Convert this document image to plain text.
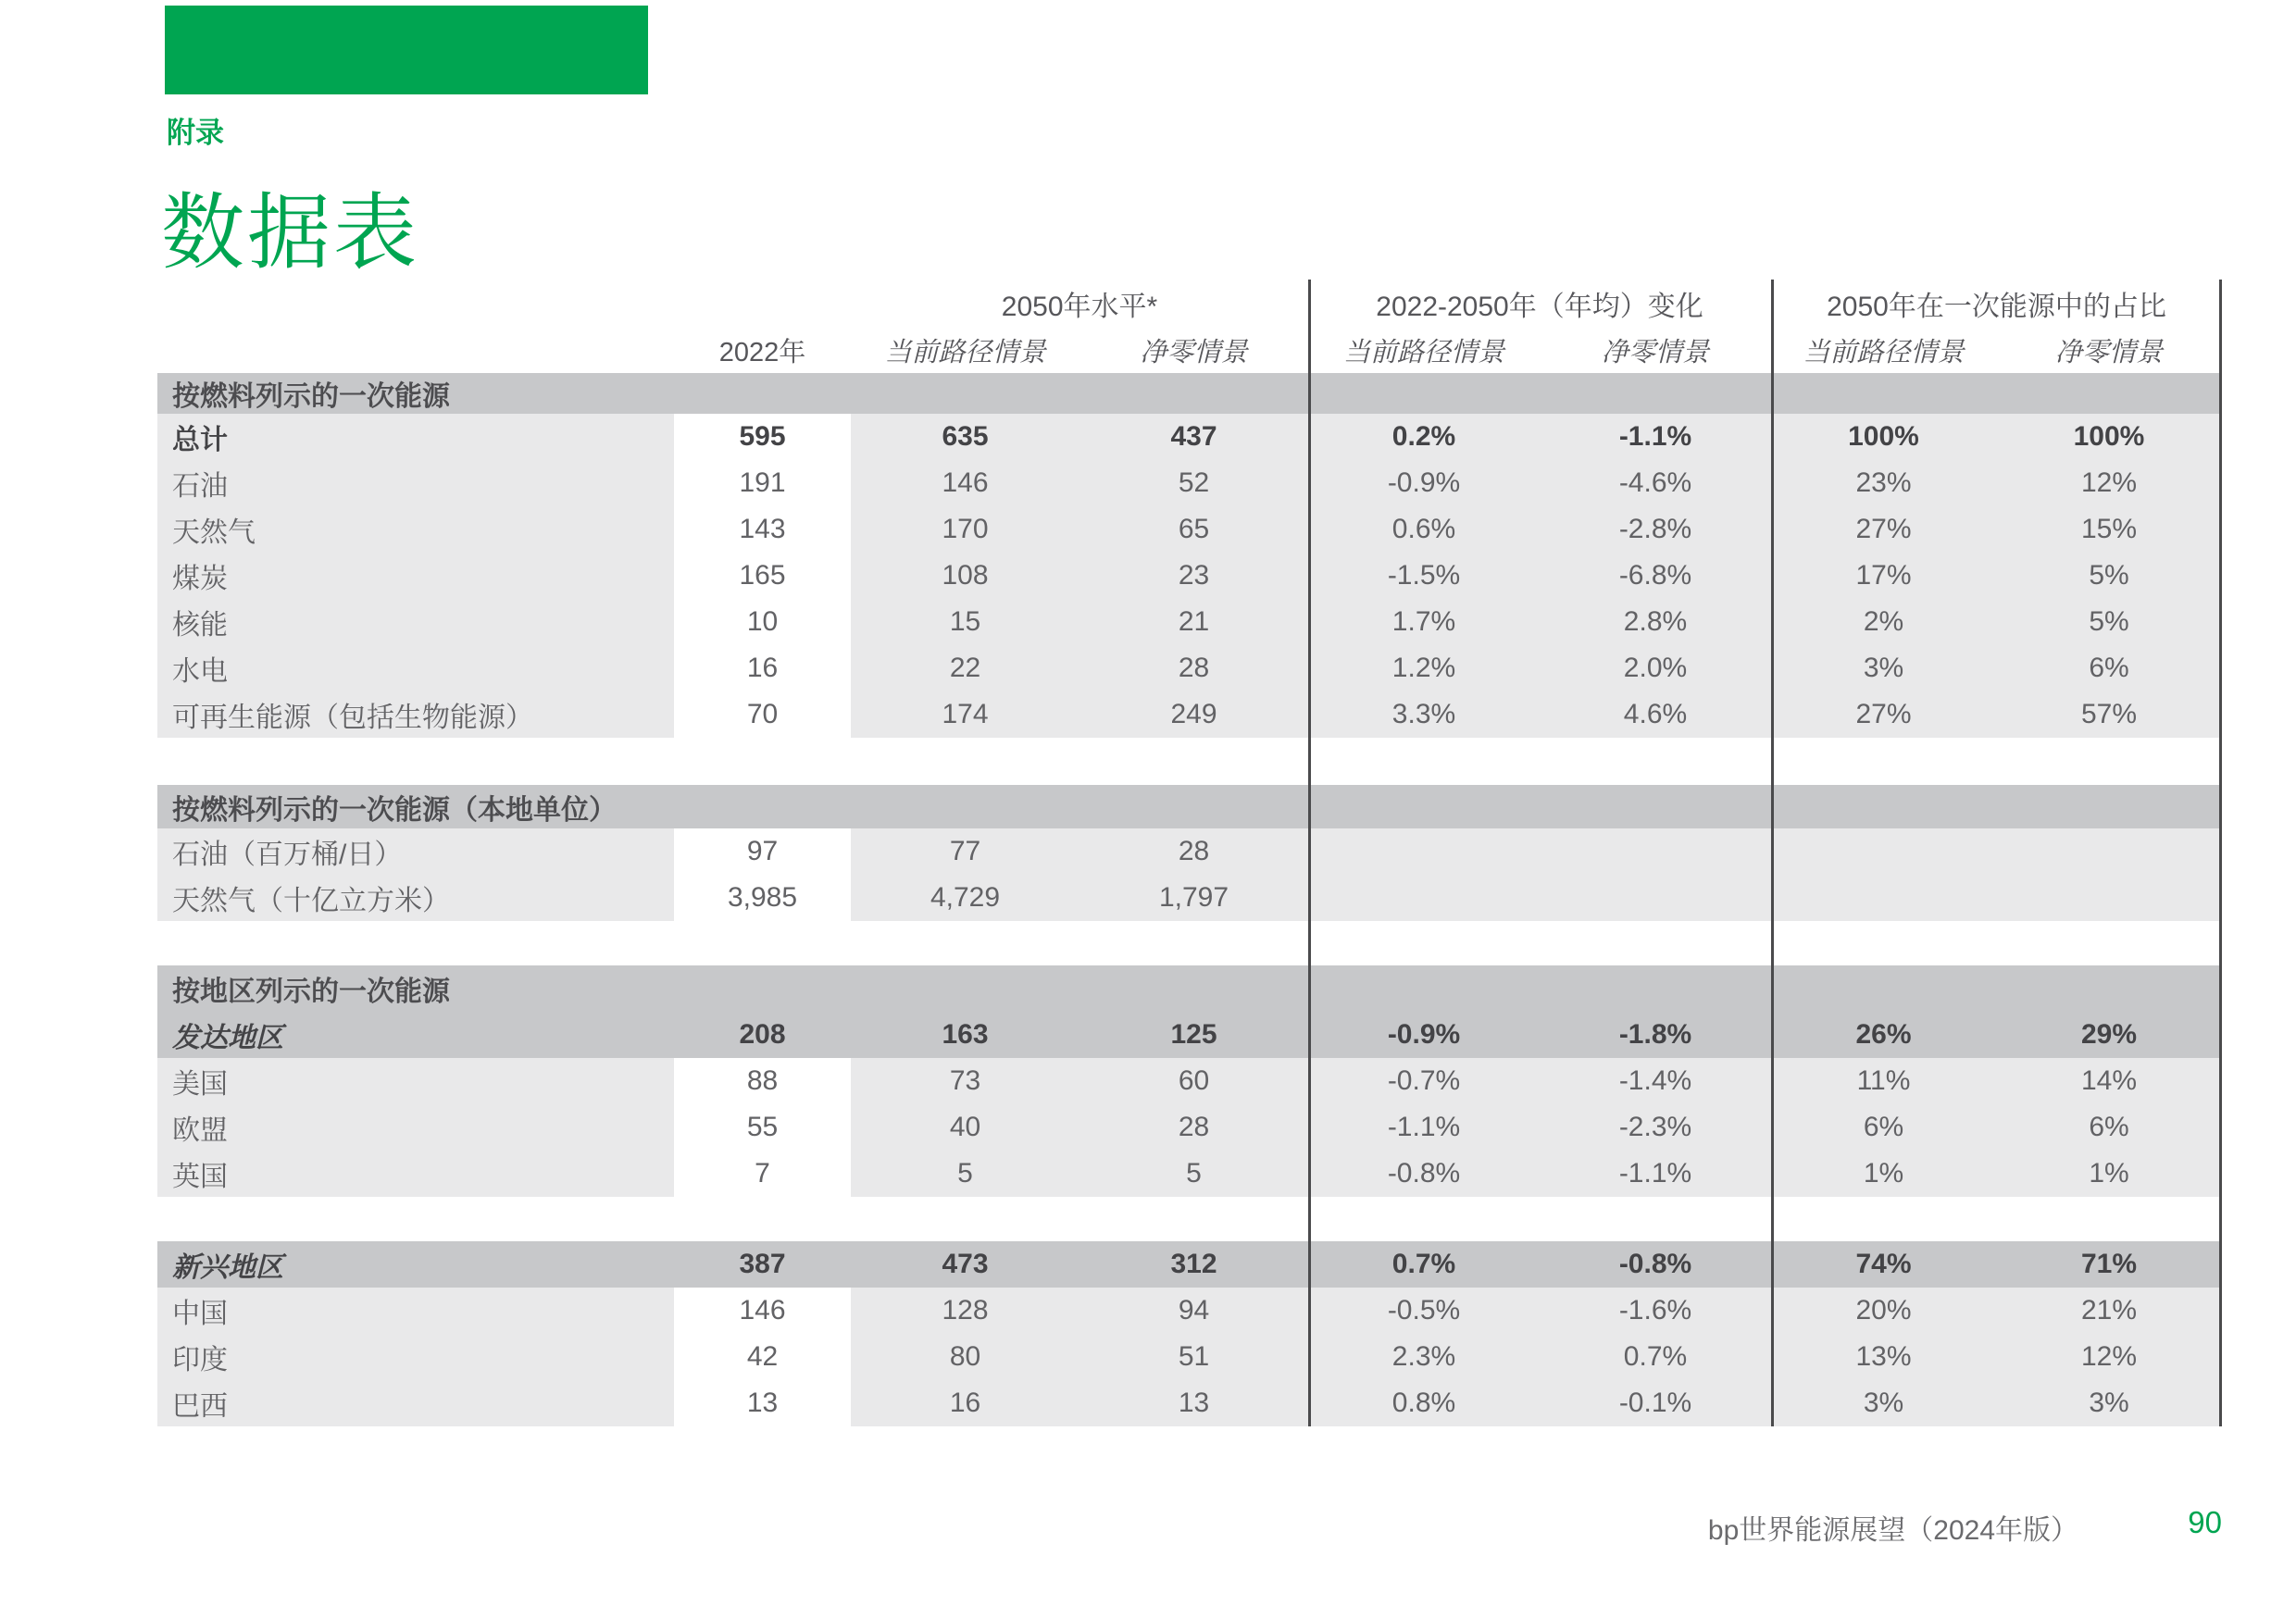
附录
数据表
2050年水平*	2022-2050年（年均）变化	2050年在一次能源中的占比
2022年	当前路径情景	净零情景	当前路径情景	净零情景	当前路径情景	净零情景
按燃料列示的一次能源
总计	595	635	437	0.2%	-1.1%	100%	100%
石油	191	146	52	-0.9%	-4.6%	23%	12%
天然气	143	170	65	0.6%	-2.8%	27%	15%
煤炭	165	108	23	-1.5%	-6.8%	17%	5%
核能	10	15	21	1.7%	2.8%	2%	5%
水电	16	22	28	1.2%	2.0%	3%	6%
可再生能源（包括生物能源）	70	174	249	3.3%	4.6%	27%	57%
按燃料列示的一次能源（本地单位）
石油（百万桶/日）	97	77	28
天然气（十亿立方米）	3,985	4,729	1,797
按地区列示的一次能源
发达地区	208	163	125	-0.9%	-1.8%	26%	29%
美国	88	73	60	-0.7%	-1.4%	11%	14%
欧盟	55	40	28	-1.1%	-2.3%	6%	6%
英国	7	5	5	-0.8%	-1.1%	1%	1%
新兴地区	387	473	312	0.7%	-0.8%	74%	71%
中国	146	128	94	-0.5%	-1.6%	20%	21%
印度	42	80	51	2.3%	0.7%	13%	12%
巴西	13	16	13	0.8%	-0.1%	3%	3%
bp世界能源展望（2024年版）	90
